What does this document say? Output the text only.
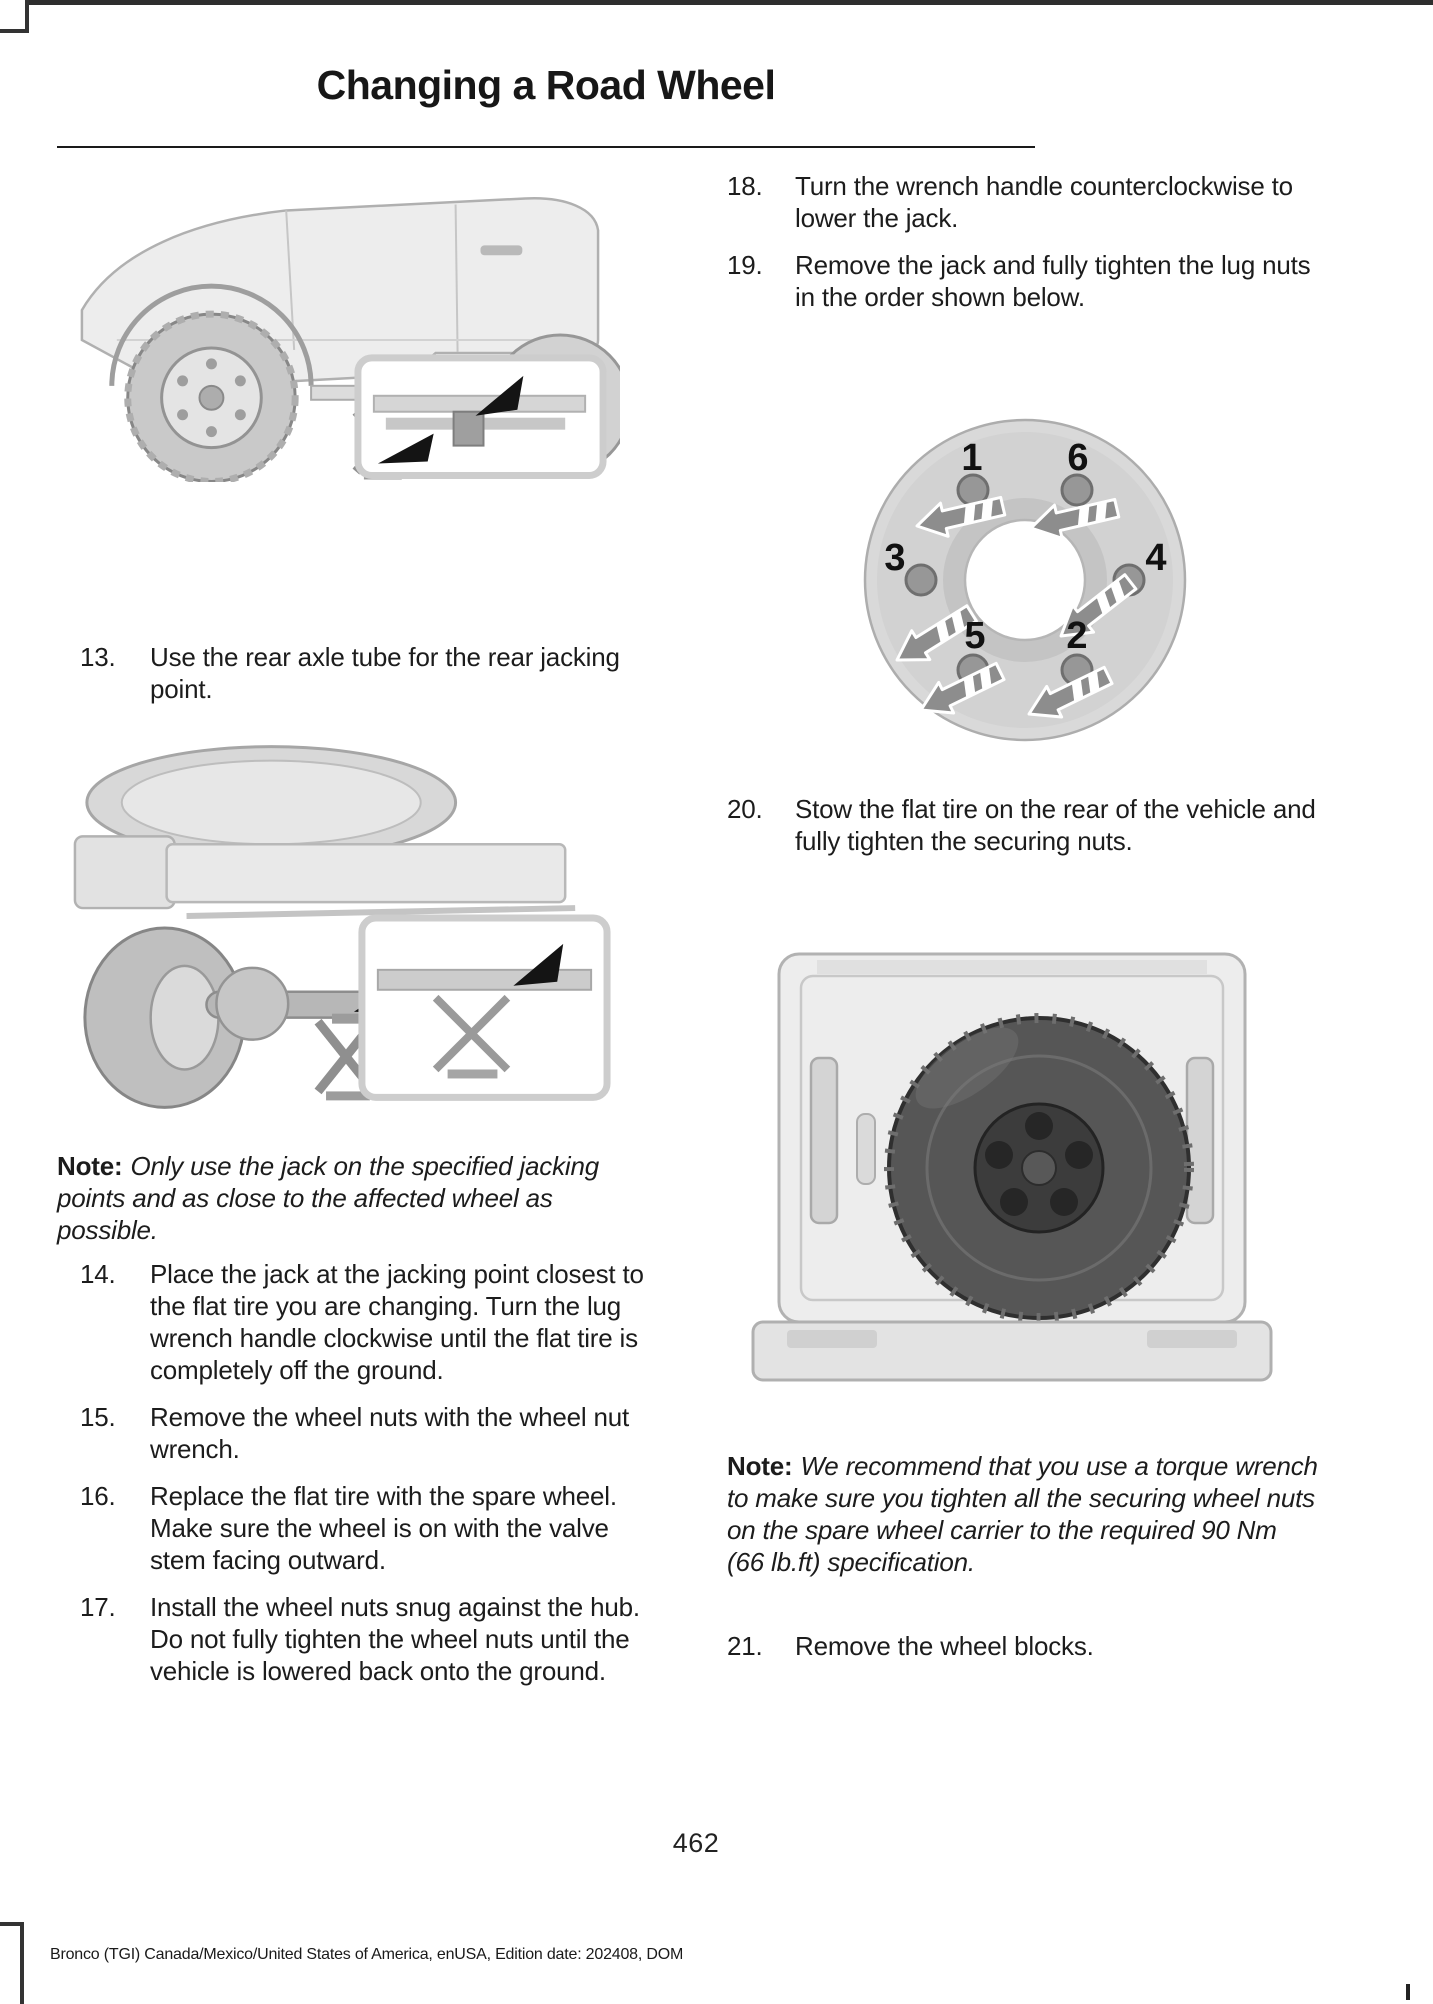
Changing a Road Wheel
13.	Use the rear axle tube for the rear jacking point.

Note: Only use the jack on the specified jacking points and as close to the affected wheel as possible.

14.	Place the jack at the jacking point closest to the flat tire you are changing. Turn the lug wrench handle clockwise until the flat tire is completely off the ground.
15.	Remove the wheel nuts with the wheel nut wrench.
16.	Replace the flat tire with the spare wheel. Make sure the wheel is on with the valve stem facing outward.
17.	Install the wheel nuts snug against the hub. Do not fully tighten the wheel nuts until the vehicle is lowered back onto the ground.
18.	Turn the wrench handle counterclockwise to lower the jack.
19.	Remove the jack and fully tighten the lug nuts in the order shown below.
1 6
3	4
5 2
20.	Stow the flat tire on the rear of the vehicle and fully tighten the securing nuts.

Note: We recommend that you use a torque wrench to make sure you tighten all the securing wheel nuts on the spare wheel carrier to the required 90 Nm (66 lb.ft) specification.

21.	Remove the wheel blocks.
462
Bronco (TGI) Canada/Mexico/United States of America, enUSA, Edition date: 202408, DOM
